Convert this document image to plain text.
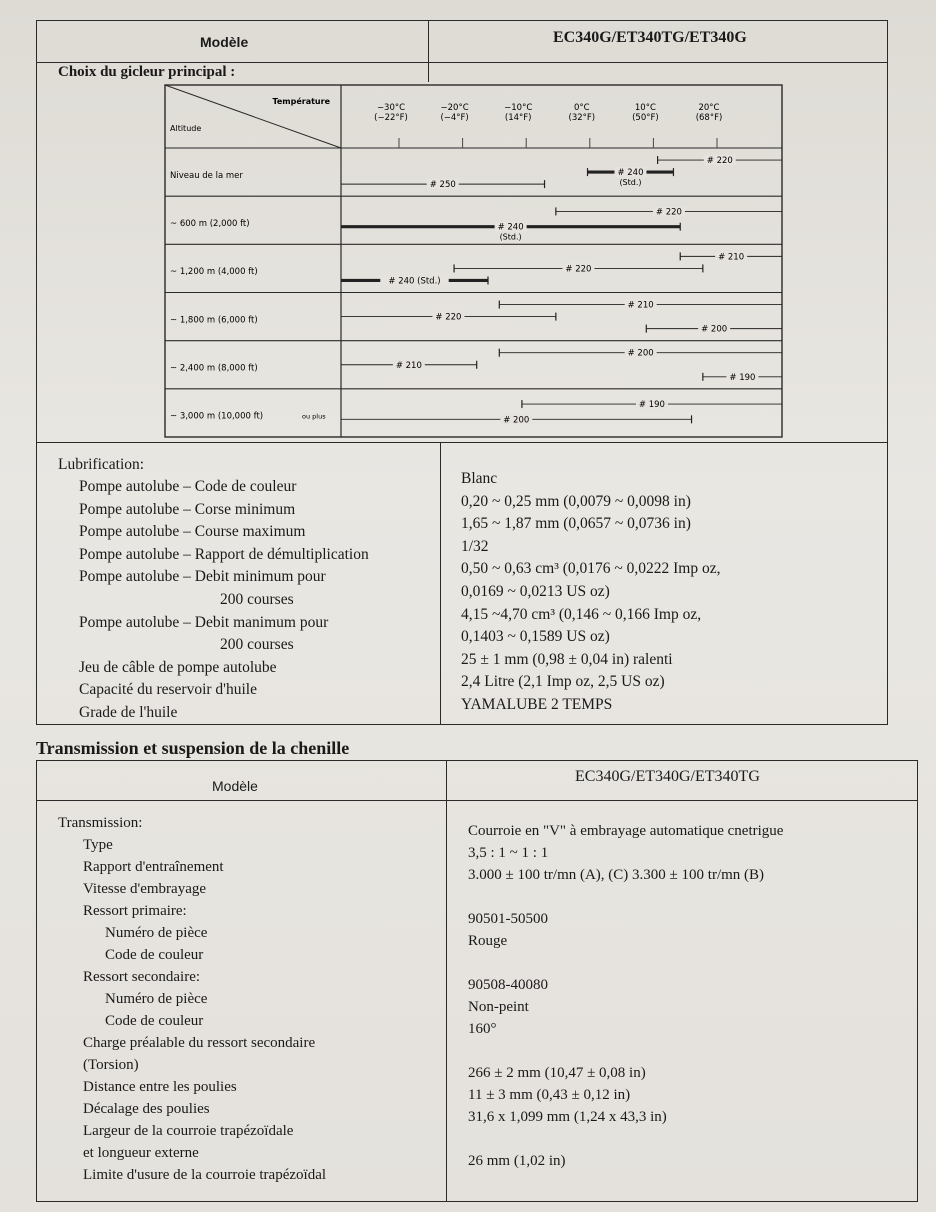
Modèle	EC340G/ET340TG/ET340G
Choix du gicleur principal :
Température
Altitude
−30°C
(−22°F)
−20°C
(−4°F)
−10°C
(14°F)
0°C
(32°F)
10°C
(50°F)
20°C
(68°F)
Niveau de la mer
~ 600 m (2,000 ft)
~ 1,200 m (4,000 ft)
~ 1,800 m (6,000 ft)
~ 2,400 m (8,000 ft)
~ 3,000 m (10,000 ft)	ou plus
# 220
# 240
(Std.)
# 250
# 220
# 240
(Std.)
# 210
# 220
# 240 (Std.)
# 210
# 220
# 200
# 200
# 210
# 190
# 190
# 200
Lubrification:
Pompe autolube – Code de couleur
Pompe autolube – Corse minimum
Pompe autolube – Course maximum
Pompe autolube – Rapport de démultiplication
Pompe autolube – Debit minimum pour
200 courses
Pompe autolube – Debit manimum pour
200 courses
Jeu de câble de pompe autolube
Capacité du reservoir d'huile
Grade de l'huile
Blanc
0,20 ~ 0,25 mm (0,0079 ~ 0,0098 in)
1,65 ~ 1,87 mm (0,0657 ~ 0,0736 in)
1/32
0,50 ~ 0,63 cm³ (0,0176 ~ 0,0222 Imp oz,
0,0169 ~ 0,0213 US oz)
4,15 ~4,70 cm³ (0,146 ~ 0,166 Imp oz,
0,1403 ~ 0,1589 US oz)
25 ± 1 mm (0,98 ± 0,04 in) ralenti
2,4 Litre (2,1 Imp oz, 2,5 US oz)
YAMALUBE 2 TEMPS
Transmission et suspension de la chenille
Modèle
EC340G/ET340G/ET340TG
Transmission:
Type
Rapport d'entraînement
Vitesse d'embrayage
Ressort primaire:
Numéro de pièce
Code de couleur
Ressort secondaire:
Numéro de pièce
Code de couleur
Charge préalable du ressort secondaire
(Torsion)
Distance entre les poulies
Décalage des poulies
Largeur de la courroie trapézoïdale
et longueur externe
Limite d'usure de la courroie trapézoïdal
Courroie en "V" à embrayage automatique cnetrigue
3,5 : 1 ~ 1 : 1
3.000 ± 100 tr/mn (A), (C) 3.300 ± 100 tr/mn (B)
90501-50500
Rouge
90508-40080
Non-peint
160°
266 ± 2 mm (10,47 ± 0,08 in)
11 ± 3 mm (0,43 ± 0,12 in)
31,6 x 1,099 mm (1,24 x 43,3 in)
26 mm (1,02 in)
